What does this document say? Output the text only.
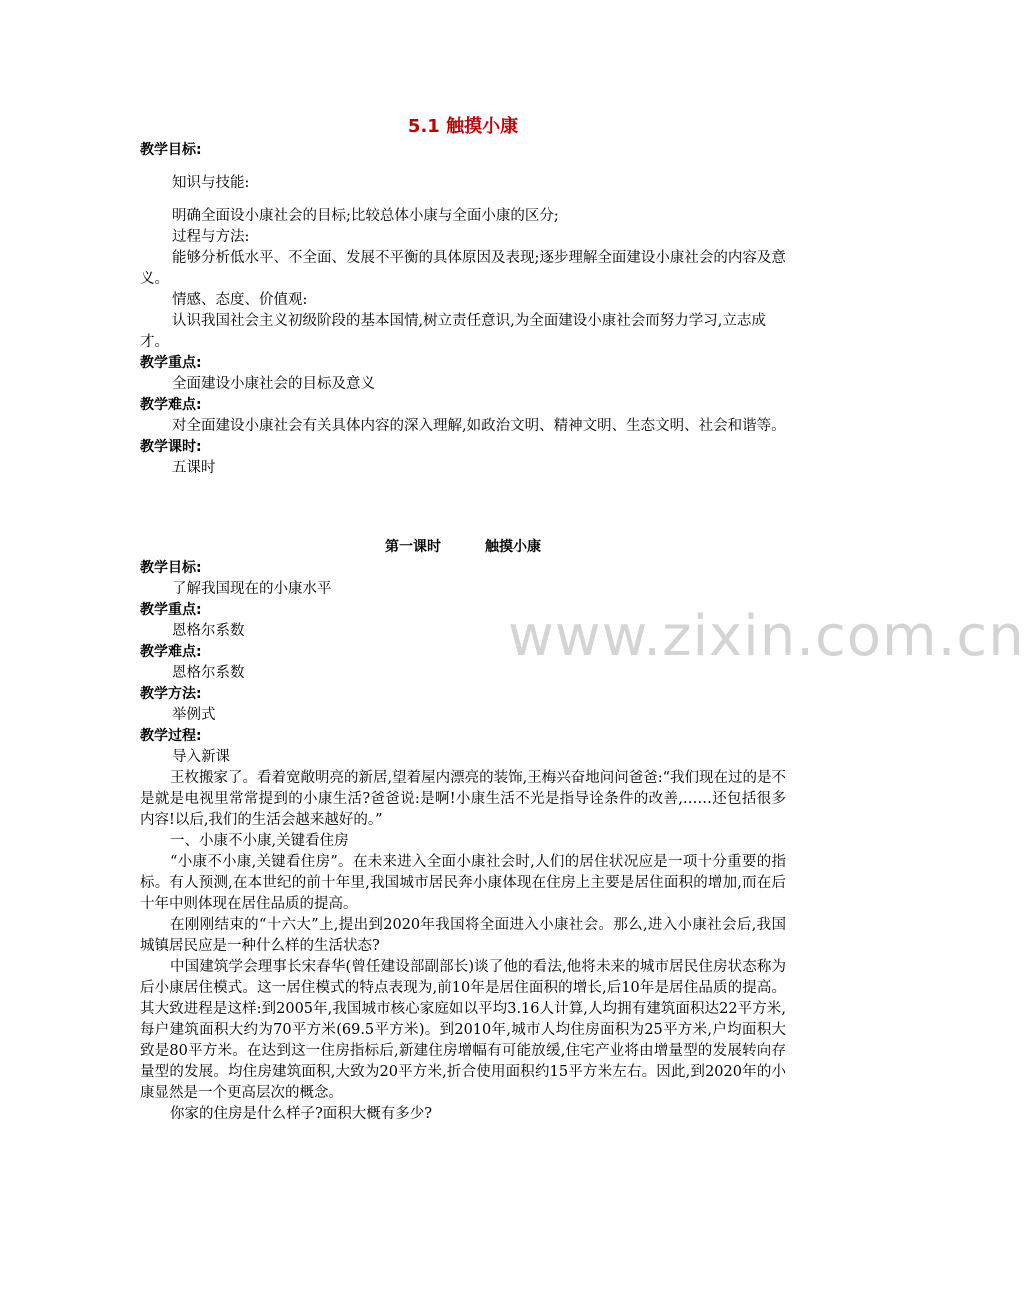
www.zixin.com.cn
5.1 触摸小康
教学目标:
知识与技能:
明确全面设小康社会的目标;比较总体小康与全面小康的区分;
过程与方法:
能够分析低水平、不全面、发展不平衡的具体原因及表现;逐步理解全面建设小康社会的内容及意义。
情感、态度、价值观:
认识我国社会主义初级阶段的基本国情,树立责任意识,为全面建设小康社会而努力学习,立志成才。
教学重点:
全面建设小康社会的目标及意义
教学难点:
对全面建设小康社会有关具体内容的深入理解,如政治文明、精神文明、生态文明、社会和谐等。
教学课时:
五课时
第一课时	触摸小康
教学目标:
了解我国现在的小康水平
教学重点:
恩格尔系数
教学难点:
恩格尔系数
教学方法:
举例式
教学过程:
导入新课
王枚搬家了。看着宽敞明亮的新居,望着屋内漂亮的装饰,王梅兴奋地问问爸爸:“我们现在过的是不是就是电视里常常提到的小康生活?爸爸说:是啊!小康生活不光是指导诠条件的改善,……还包括很多内容!以后,我们的生活会越来越好的。”
一、小康不小康,关键看住房
“小康不小康,关键看住房”。在未来进入全面小康社会时,人们的居住状况应是一项十分重要的指标。有人预测,在本世纪的前十年里,我国城市居民奔小康体现在住房上主要是居住面积的增加,而在后十年中则体现在居住品质的提高。
在刚刚结束的“十六大”上,提出到2020年我国将全面进入小康社会。那么,进入小康社会后,我国城镇居民应是一种什么样的生活状态?
中国建筑学会理事长宋春华(曾任建设部副部长)谈了他的看法,他将未来的城市居民住房状态称为后小康居住模式。这一居住模式的特点表现为,前10年是居住面积的增长,后10年是居住品质的提高。其大致进程是这样:到2005年,我国城市核心家庭如以平均3.16人计算,人均拥有建筑面积达22平方米,每户建筑面积大约为70平方米(69.5平方米)。到2010年,城市人均住房面积为25平方米,户均面积大致是80平方米。在达到这一住房指标后,新建住房增幅有可能放缓,住宅产业将由增量型的发展转向存量型的发展。均住房建筑面积,大致为20平方米,折合使用面积约15平方米左右。因此,到2020年的小康显然是一个更高层次的概念。
你家的住房是什么样子?面积大概有多少?
